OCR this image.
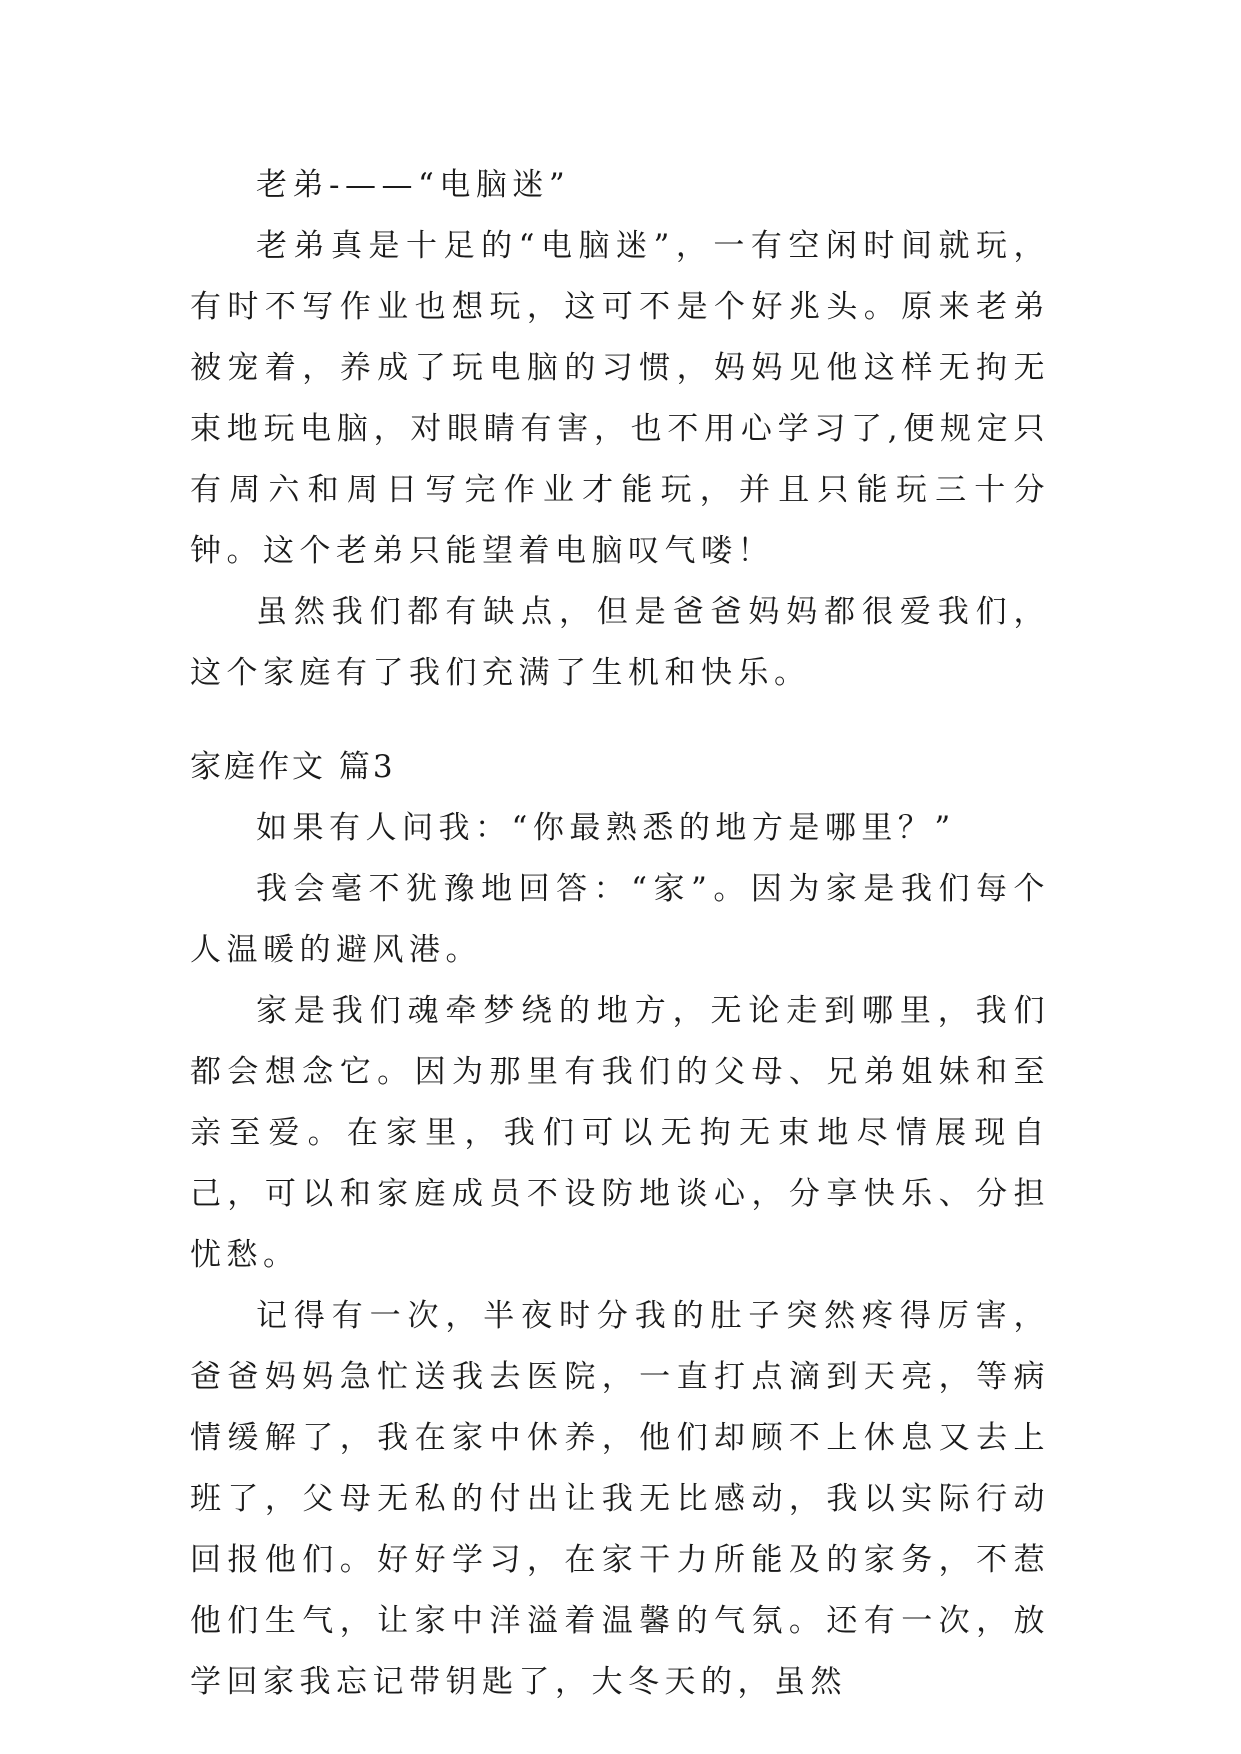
老弟-——“电脑迷”

老弟真是十足的“电脑迷”，一有空闲时间就玩，有时不写作业也想玩，这可不是个好兆头。原来老弟被宠着，养成了玩电脑的习惯，妈妈见他这样无拘无束地玩电脑，对眼睛有害，也不用心学习了,便规定只有周六和周日写完作业才能玩，并且只能玩三十分钟。这个老弟只能望着电脑叹气喽！

虽然我们都有缺点，但是爸爸妈妈都很爱我们，这个家庭有了我们充满了生机和快乐。

家庭作文 篇3

如果有人问我：“你最熟悉的地方是哪里？”

我会毫不犹豫地回答：“家”。因为家是我们每个人温暖的避风港。

家是我们魂牵梦绕的地方，无论走到哪里，我们都会想念它。因为那里有我们的父母、兄弟姐妹和至亲至爱。在家里，我们可以无拘无束地尽情展现自己，可以和家庭成员不设防地谈心，分享快乐、分担忧愁。

记得有一次，半夜时分我的肚子突然疼得厉害，爸爸妈妈急忙送我去医院，一直打点滴到天亮，等病情缓解了，我在家中休养，他们却顾不上休息又去上班了，父母无私的付出让我无比感动，我以实际行动回报他们。好好学习，在家干力所能及的家务，不惹他们生气，让家中洋溢着温馨的气氛。还有一次，放学回家我忘记带钥匙了，大冬天的，虽然
